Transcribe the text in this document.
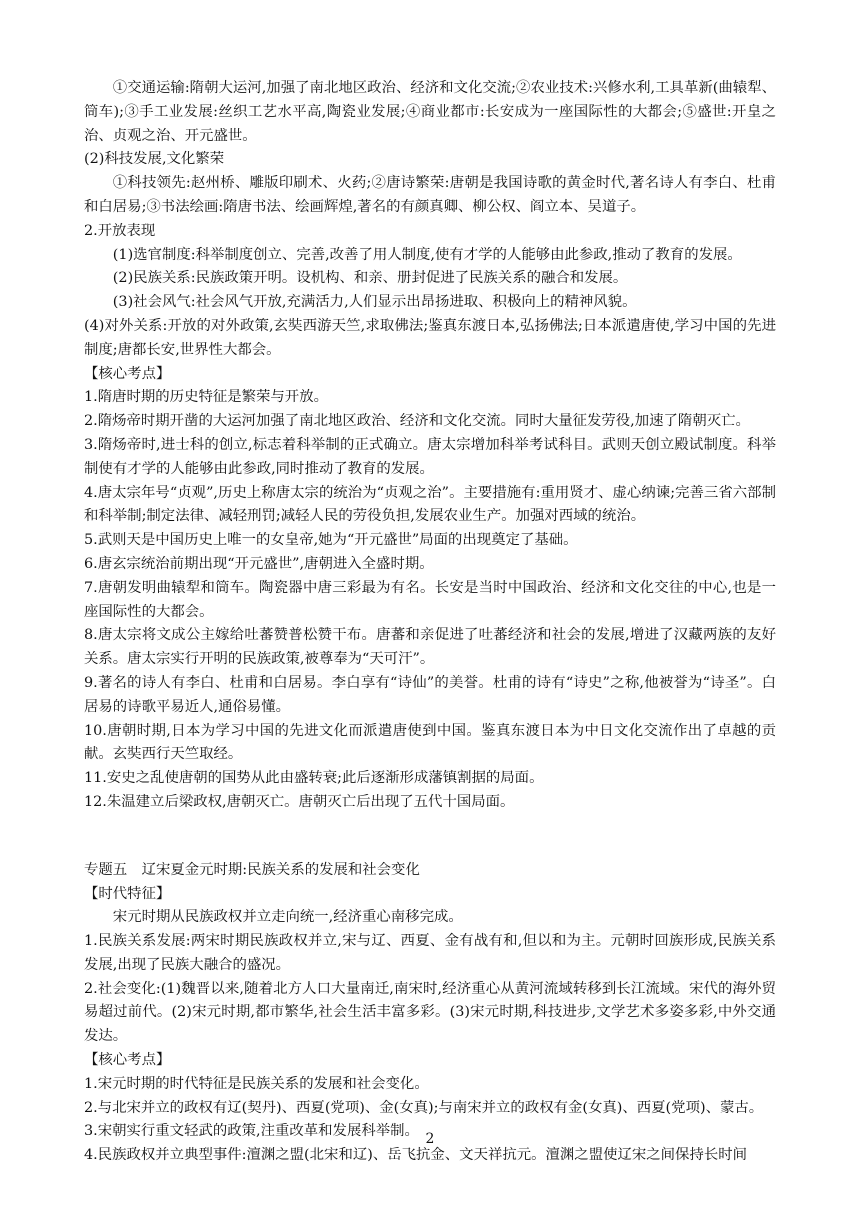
①交通运输:隋朝大运河,加强了南北地区政治、经济和文化交流;②农业技术:兴修水利,工具革新(曲辕犁、筒车);③手工业发展:丝织工艺水平高,陶瓷业发展;④商业都市:长安成为一座国际性的大都会;⑤盛世:开皇之治、贞观之治、开元盛世。
(2)科技发展,文化繁荣
①科技领先:赵州桥、雕版印刷术、火药;②唐诗繁荣:唐朝是我国诗歌的黄金时代,著名诗人有李白、杜甫和白居易;③书法绘画:隋唐书法、绘画辉煌,著名的有颜真卿、柳公权、阎立本、吴道子。
2.开放表现
(1)选官制度:科举制度创立、完善,改善了用人制度,使有才学的人能够由此参政,推动了教育的发展。
(2)民族关系:民族政策开明。设机构、和亲、册封促进了民族关系的融合和发展。
(3)社会风气:社会风气开放,充满活力,人们显示出昂扬进取、积极向上的精神风貌。
(4)对外关系:开放的对外政策,玄奘西游天竺,求取佛法;鉴真东渡日本,弘扬佛法;日本派遣唐使,学习中国的先进制度;唐都长安,世界性大都会。
【核心考点】
1.隋唐时期的历史特征是繁荣与开放。
2.隋炀帝时期开凿的大运河加强了南北地区政治、经济和文化交流。同时大量征发劳役,加速了隋朝灭亡。
3.隋炀帝时,进士科的创立,标志着科举制的正式确立。唐太宗增加科举考试科目。武则天创立殿试制度。科举制使有才学的人能够由此参政,同时推动了教育的发展。
4.唐太宗年号“贞观”,历史上称唐太宗的统治为“贞观之治”。主要措施有:重用贤才、虚心纳谏;完善三省六部制和科举制;制定法律、减轻刑罚;减轻人民的劳役负担,发展农业生产。加强对西域的统治。
5.武则天是中国历史上唯一的女皇帝,她为“开元盛世”局面的出现奠定了基础。
6.唐玄宗统治前期出现“开元盛世”,唐朝进入全盛时期。
7.唐朝发明曲辕犁和筒车。陶瓷器中唐三彩最为有名。长安是当时中国政治、经济和文化交往的中心,也是一座国际性的大都会。
8.唐太宗将文成公主嫁给吐蕃赞普松赞干布。唐蕃和亲促进了吐蕃经济和社会的发展,增进了汉藏两族的友好关系。唐太宗实行开明的民族政策,被尊奉为“天可汗”。
9.著名的诗人有李白、杜甫和白居易。李白享有“诗仙”的美誉。杜甫的诗有“诗史”之称,他被誉为“诗圣”。白居易的诗歌平易近人,通俗易懂。
10.唐朝时期,日本为学习中国的先进文化而派遣唐使到中国。鉴真东渡日本为中日文化交流作出了卓越的贡献。玄奘西行天竺取经。
11.安史之乱使唐朝的国势从此由盛转衰;此后逐渐形成藩镇割据的局面。
12.朱温建立后梁政权,唐朝灭亡。唐朝灭亡后出现了五代十国局面。
专题五　辽宋夏金元时期:民族关系的发展和社会变化
【时代特征】
宋元时期从民族政权并立走向统一,经济重心南移完成。
1.民族关系发展:两宋时期民族政权并立,宋与辽、西夏、金有战有和,但以和为主。元朝时回族形成,民族关系发展,出现了民族大融合的盛况。
2.社会变化:(1)魏晋以来,随着北方人口大量南迁,南宋时,经济重心从黄河流域转移到长江流域。宋代的海外贸易超过前代。(2)宋元时期,都市繁华,社会生活丰富多彩。(3)宋元时期,科技进步,文学艺术多姿多彩,中外交通发达。
【核心考点】
1.宋元时期的时代特征是民族关系的发展和社会变化。
2.与北宋并立的政权有辽(契丹)、西夏(党项)、金(女真);与南宋并立的政权有金(女真)、西夏(党项)、蒙古。
3.宋朝实行重文轻武的政策,注重改革和发展科举制。
4.民族政权并立典型事件:澶渊之盟(北宋和辽)、岳飞抗金、文天祥抗元。澶渊之盟使辽宋之间保持长时间
2
